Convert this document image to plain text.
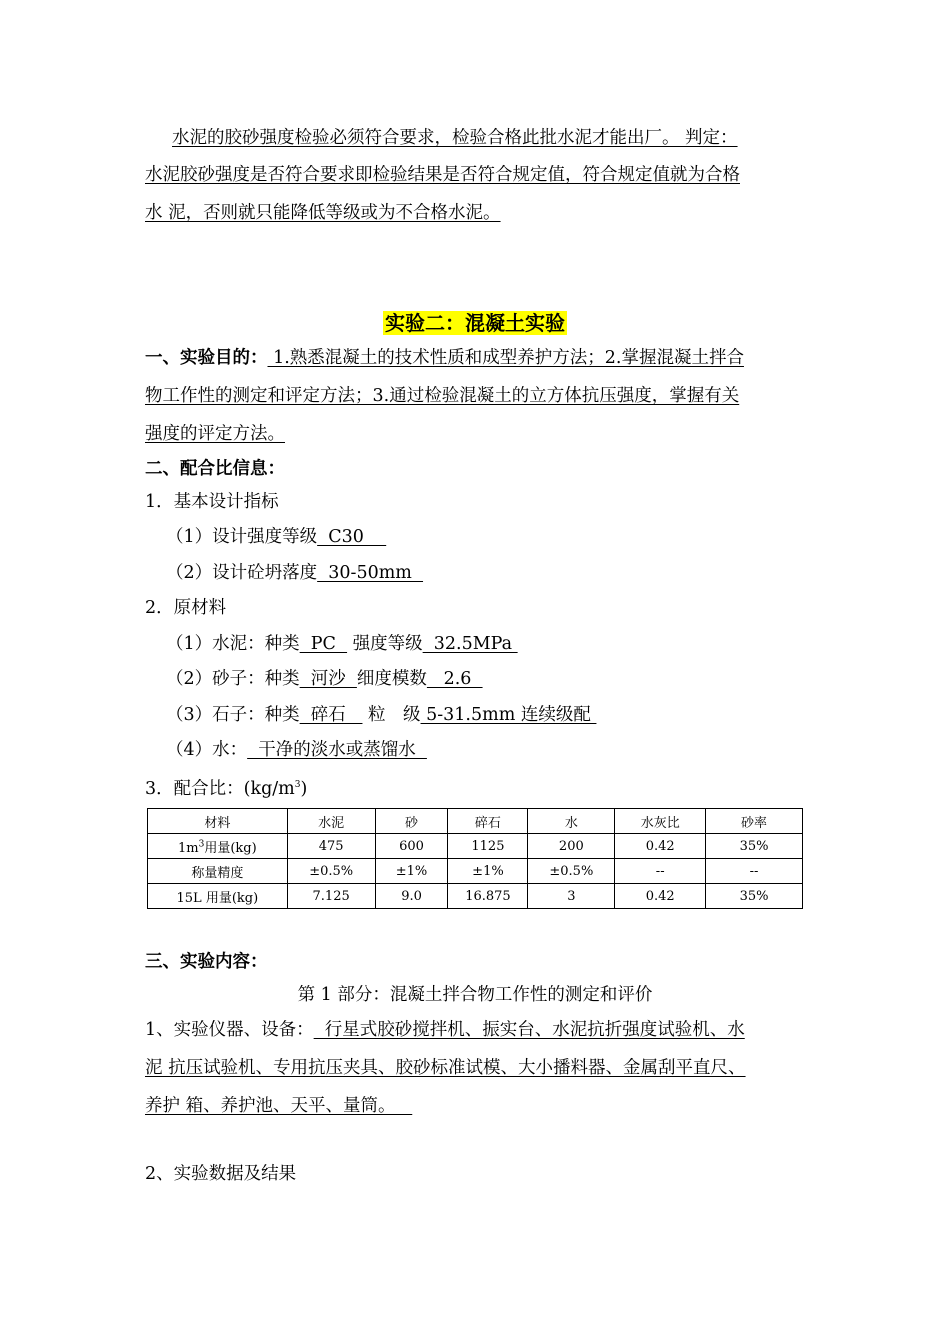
水泥的胶砂强度检验必须符合要求，检验合格此批水泥才能出厂。 判定：
水泥胶砂强度是否符合要求即检验结果是否符合规定值，符合规定值就为合格
水 泥，否则就只能降低等级或为不合格水泥。
实验二：混凝土实验
一、实验目的： 1.熟悉混凝土的技术性质和成型养护方法；2.掌握混凝土拌合
物工作性的测定和评定方法；3.通过检验混凝土的立方体抗压强度，掌握有关
强度的评定方法。
二、配合比信息：
1．基本设计指标
（1）设计强度等级  C30
（2）设计砼坍落度  30-50mm
2．原材料
（1）水泥：种类  PC   强度等级  32.5MPa
（2）砂子：种类  河沙  细度模数   2.6
（3）石子：种类  碎石    粒　级 5-31.5mm 连续级配
（4）水：  干净的淡水或蒸馏水
3．配合比：$(kg/m^3)$
材料	水泥	砂	碎石	水	水灰比	砂率
$1m^3$用量(kg)	475	600	1125	200	0.42	35%
称量精度	±0.5%	±1%	±1%	±0.5%	--	--
15L 用量(kg)	7.125	9.0	16.875	3	0.42	35%
三、实验内容：
第 1 部分：混凝土拌合物工作性的测定和评价
1、实验仪器、设备：  行星式胶砂搅拌机、振实台、水泥抗折强度试验机、水
泥 抗压试验机、专用抗压夹具、胶砂标准试模、大小播料器、金属刮平直尺、
养护 箱、养护池、天平、量筒。
2、实验数据及结果
